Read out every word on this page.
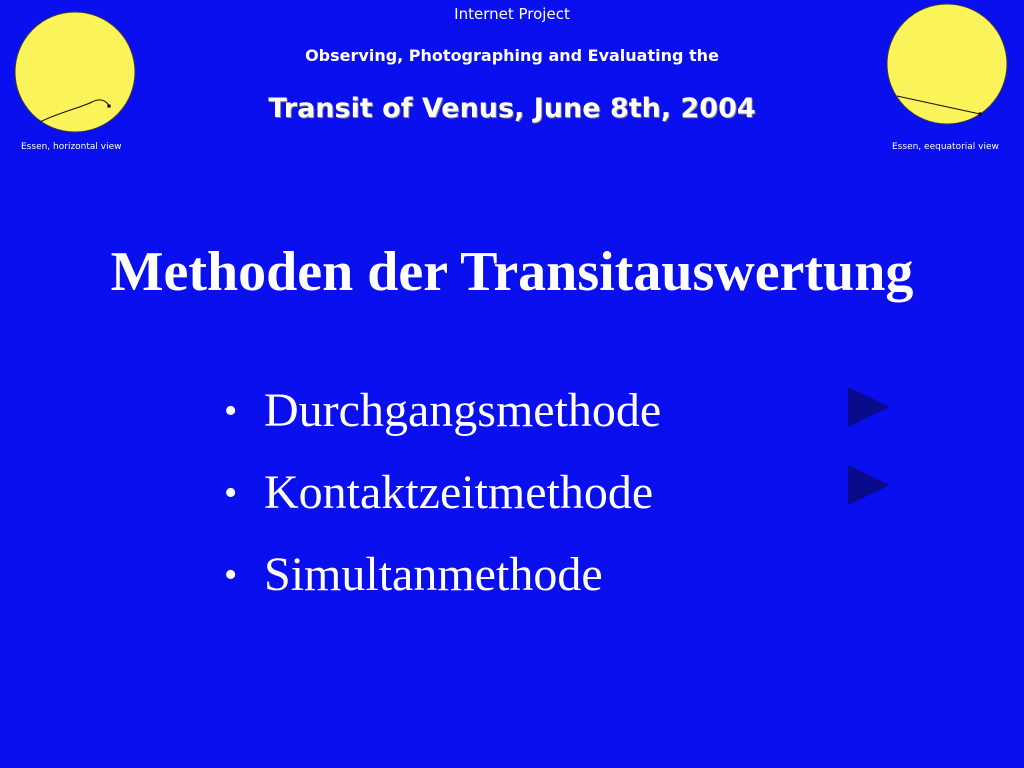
Essen, horizontal view	Essen, eequatorial view
Internet Project
Observing, Photographing and Evaluating the
Transit of Venus, June 8th, 2004
Methoden der Transitauswertung
• Durchgangsmethode
• Kontaktzeitmethode
• Simultanmethode
